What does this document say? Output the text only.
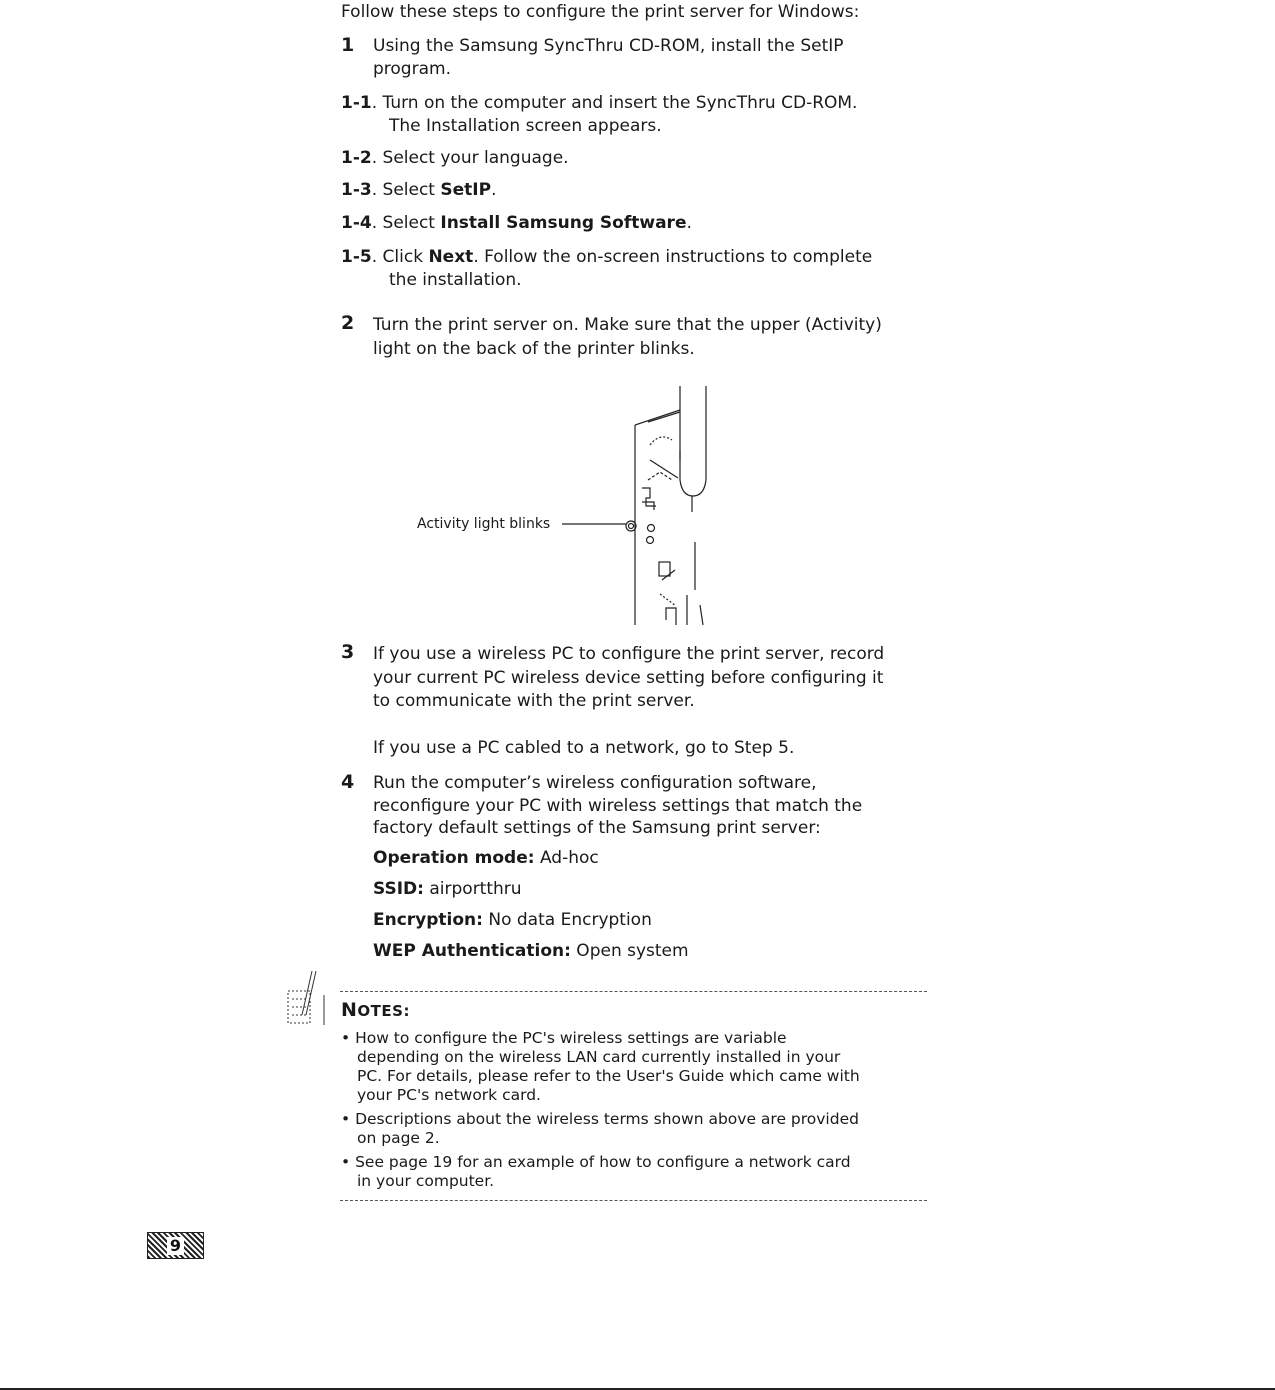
Follow these steps to configure the print server for Windows:
1 Using the Samsung SyncThru CD-ROM, install the SetIP
program.
1-1. Turn on the computer and insert the SyncThru CD-ROM.
The Installation screen appears.
1-2. Select your language.
1-3. Select SetIP.
1-4. Select Install Samsung Software.
1-5. Click Next. Follow the on-screen instructions to complete
the installation.
2 Turn the print server on. Make sure that the upper (Activity)
light on the back of the printer blinks.
Activity light blinks
3 If you use a wireless PC to configure the print server, record
your current PC wireless device setting before configuring it
to communicate with the print server.
If you use a PC cabled to a network, go to Step 5.
4 Run the computer’s wireless configuration software,
reconfigure your PC with wireless settings that match the
factory default settings of the Samsung print server:
Operation mode: Ad-hoc
SSID: airportthru
Encryption: No data Encryption
WEP Authentication: Open system
NOTES:
• How to configure the PC's wireless settings are variable
depending on the wireless LAN card currently installed in your
PC. For details, please refer to the User's Guide which came with
your PC's network card.
• Descriptions about the wireless terms shown above are provided
on page 2.
• See page 19 for an example of how to configure a network card
in your computer.
9
